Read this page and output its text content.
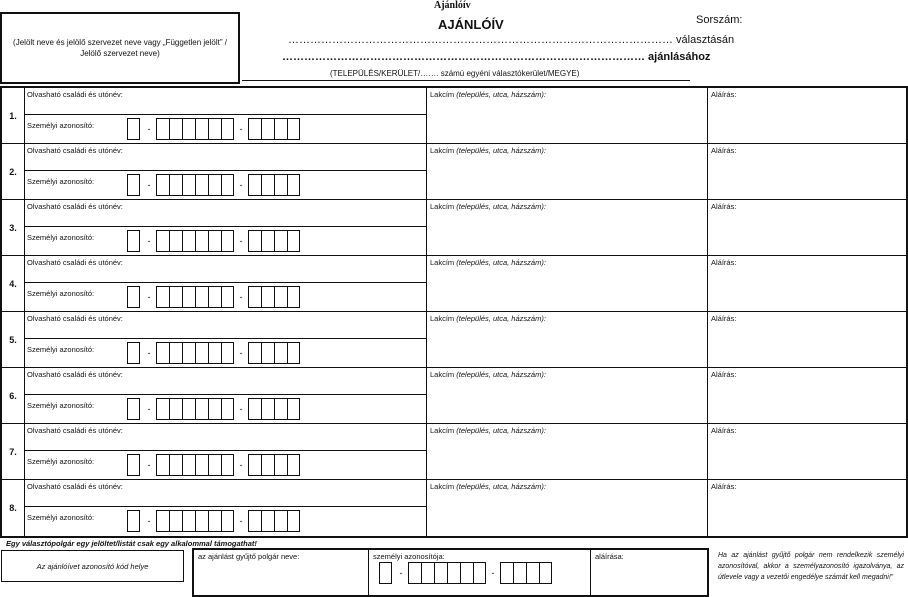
Ajánlóív
AJÁNLÓÍV	Sorszám:
(Jelölt neve és jelölő szervezet neve vagy „Független jelölt” / Jelölő szervezet neve)
…………………………………………………………………………………………… választásán
……………………………………………………………………………………… ajánlásához
(TELEPÜLÉS/KERÜLET/……. számú egyéni választókerület/MEGYE)
1.
Olvasható családi és utónév:
Személyi azonosító:	-	-
Lakcím (település, utca, házszám):	Aláírás:
2.
Olvasható családi és utónév:
Személyi azonosító:	-	-
Lakcím (település, utca, házszám):	Aláírás:
3.
Olvasható családi és utónév:
Személyi azonosító:	-	-
Lakcím (település, utca, házszám):	Aláírás:
4.
Olvasható családi és utónév:
Személyi azonosító:	-	-
Lakcím (település, utca, házszám):	Aláírás:
5.
Olvasható családi és utónév:
Személyi azonosító:	-	-
Lakcím (település, utca, házszám):	Aláírás:
6.
Olvasható családi és utónév:
Személyi azonosító:	-	-
Lakcím (település, utca, házszám):	Aláírás:
7.
Olvasható családi és utónév:
Személyi azonosító:	-	-
Lakcím (település, utca, házszám):	Aláírás:
8.
Olvasható családi és utónév:
Személyi azonosító:	-	-
Lakcím (település, utca, házszám):	Aláírás:
Egy választópolgár egy jelöltet/listát csak egy alkalommal támogathat!
Az ajánlóívet azonosító kód helye
az ajánlást gyűjtő polgár neve:	személyi azonosítója:
-	-
aláírása:	Ha az ajánlást gyűjtő polgár nem rendelkezik személyi azonosítóval, akkor a személyazonosító igazolványa, az útlevele vagy a vezetői engedélye számát kell megadni!”
